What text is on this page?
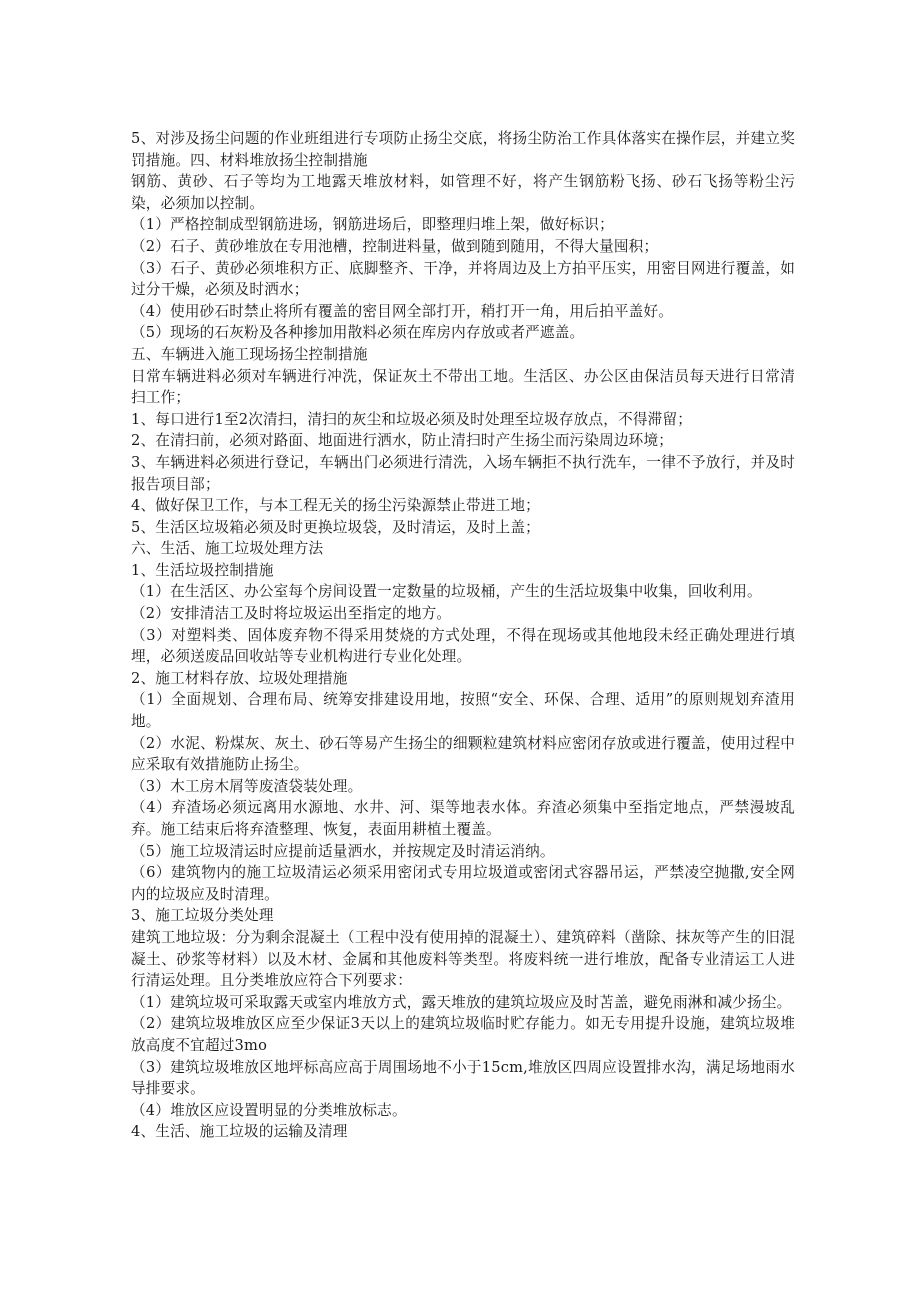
5、对涉及扬尘问题的作业班组进行专项防止扬尘交底，将扬尘防治工作具体落实在操作层，并建立奖罚措施。四、材料堆放扬尘控制措施

钢筋、黄砂、石子等均为工地露天堆放材料，如管理不好，将产生钢筋粉飞扬、砂石飞扬等粉尘污染，必须加以控制。

（1）严格控制成型钢筋进场，钢筋进场后，即整理归堆上架，做好标识；

（2）石子、黄砂堆放在专用池槽，控制进料量，做到随到随用，不得大量囤积；

（3）石子、黄砂必须堆积方正、底脚整齐、干净，并将周边及上方拍平压实，用密目网进行覆盖，如过分干燥，必须及时洒水；

（4）使用砂石时禁止将所有覆盖的密目网全部打开，稍打开一角，用后拍平盖好。

（5）现场的石灰粉及各种掺加用散料必须在库房内存放或者严遮盖。

五、车辆进入施工现场扬尘控制措施

日常车辆进料必须对车辆进行冲洗，保证灰土不带出工地。生活区、办公区由保洁员每天进行日常清扫工作；

1、每口进行1至2次清扫，清扫的灰尘和垃圾必须及时处理至垃圾存放点，不得滞留；

2、在清扫前，必须对路面、地面进行洒水，防止清扫时产生扬尘而污染周边环境；

3、车辆进料必须进行登记，车辆出门必须进行清洗，入场车辆拒不执行洗车，一律不予放行，并及时报告项目部；

4、做好保卫工作，与本工程无关的扬尘污染源禁止带进工地；

5、生活区垃圾箱必须及时更换垃圾袋，及时清运，及时上盖；

六、生活、施工垃圾处理方法

1、生活垃圾控制措施

（1）在生活区、办公室每个房间设置一定数量的垃圾桶，产生的生活垃圾集中收集，回收利用。

（2）安排清洁工及时将垃圾运出至指定的地方。

（3）对塑料类、固体废弃物不得采用焚烧的方式处理，不得在现场或其他地段未经正确处理进行填埋，必须送废品回收站等专业机构进行专业化处理。

2、施工材料存放、垃圾处理措施

（1）全面规划、合理布局、统筹安排建设用地，按照“安全、环保、合理、适用”的原则规划弃渣用地。

（2）水泥、粉煤灰、灰土、砂石等易产生扬尘的细颗粒建筑材料应密闭存放或进行覆盖，使用过程中应采取有效措施防止扬尘。

（3）木工房木屑等废渣袋装处理。

（4）弃渣场必须远离用水源地、水井、河、渠等地表水体。弃渣必须集中至指定地点，严禁漫坡乱弃。施工结束后将弃渣整理、恢复，表面用耕植土覆盖。

（5）施工垃圾清运时应提前适量洒水，并按规定及时清运消纳。

（6）建筑物内的施工垃圾清运必须采用密闭式专用垃圾道或密闭式容器吊运，严禁凌空抛撒,安全网内的垃圾应及时清理。

3、施工垃圾分类处理

建筑工地垃圾：分为剩余混凝土（工程中没有使用掉的混凝土）、建筑碎料（凿除、抹灰等产生的旧混凝土、砂浆等材料）以及木材、金属和其他废料等类型。将废料统一进行堆放，配备专业清运工人进行清运处理。且分类堆放应符合下列要求：

（1）建筑垃圾可采取露天或室内堆放方式，露天堆放的建筑垃圾应及时苫盖，避免雨淋和减少扬尘。

（2）建筑垃圾堆放区应至少保证3天以上的建筑垃圾临时贮存能力。如无专用提升设施，建筑垃圾堆放高度不宜超过3mo

（3）建筑垃圾堆放区地坪标高应高于周围场地不小于15cm,堆放区四周应设置排水沟，满足场地雨水导排要求。

（4）堆放区应设置明显的分类堆放标志。

4、生活、施工垃圾的运输及清理
